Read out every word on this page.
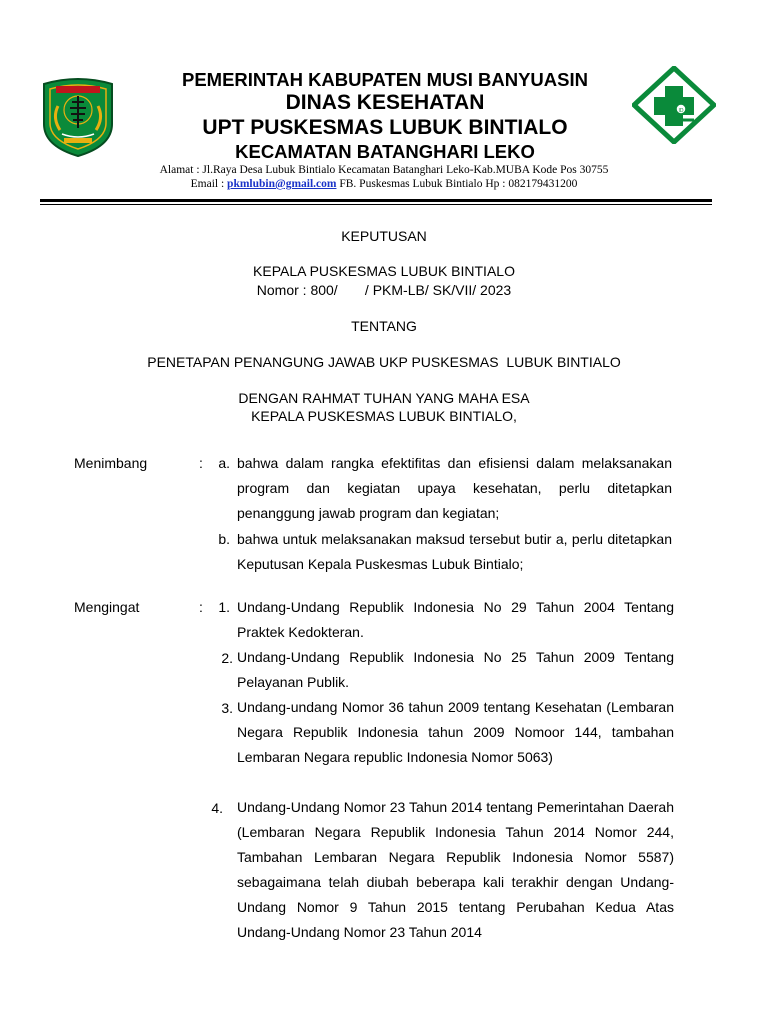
ID
PEMERINTAH KABUPATEN MUSI BANYUASIN
DINAS KESEHATAN
UPT PUSKESMAS LUBUK BINTIALO
KECAMATAN BATANGHARI LEKO
Alamat : Jl.Raya Desa Lubuk Bintialo Kecamatan Batanghari Leko-Kab.MUBA Kode Pos 30755
Email : pkmlubin@gmail.com FB. Puskesmas Lubuk Bintialo Hp : 082179431200
KEPUTUSAN
KEPALA PUSKESMAS LUBUK BINTIALO
Nomor : 800/       / PKM-LB/ SK/VII/ 2023
TENTANG
PENETAPAN PENANGUNG JAWAB UKP PUSKESMAS  LUBUK BINTIALO
DENGAN RAHMAT TUHAN YANG MAHA ESA
KEPALA PUSKESMAS LUBUK BINTIALO,
Menimbang	:	a. bahwa dalam rangka efektifitas dan efisiensi dalam melaksanakan program dan kegiatan upaya kesehatan, perlu ditetapkan penanggung jawab program dan kegiatan;
b. bahwa untuk melaksanakan maksud tersebut butir a, perlu ditetapkan Keputusan Kepala Puskesmas Lubuk Bintialo;
Mengingat	:	1. Undang-Undang Republik Indonesia No 29 Tahun 2004 Tentang Praktek Kedokteran.
2. Undang-Undang Republik Indonesia No 25 Tahun 2009 Tentang Pelayanan Publik.
3. Undang-undang Nomor 36 tahun 2009 tentang Kesehatan (Lembaran Negara Republik Indonesia tahun 2009 Nomoor 144, tambahan Lembaran Negara republic Indonesia Nomor 5063)
4. Undang-Undang Nomor 23 Tahun 2014 tentang Pemerintahan Daerah (Lembaran Negara Republik Indonesia Tahun 2014 Nomor 244, Tambahan Lembaran Negara Republik Indonesia Nomor 5587) sebagaimana telah diubah beberapa kali terakhir dengan Undang-Undang Nomor 9 Tahun 2015 tentang Perubahan Kedua Atas Undang-Undang Nomor 23 Tahun 2014
